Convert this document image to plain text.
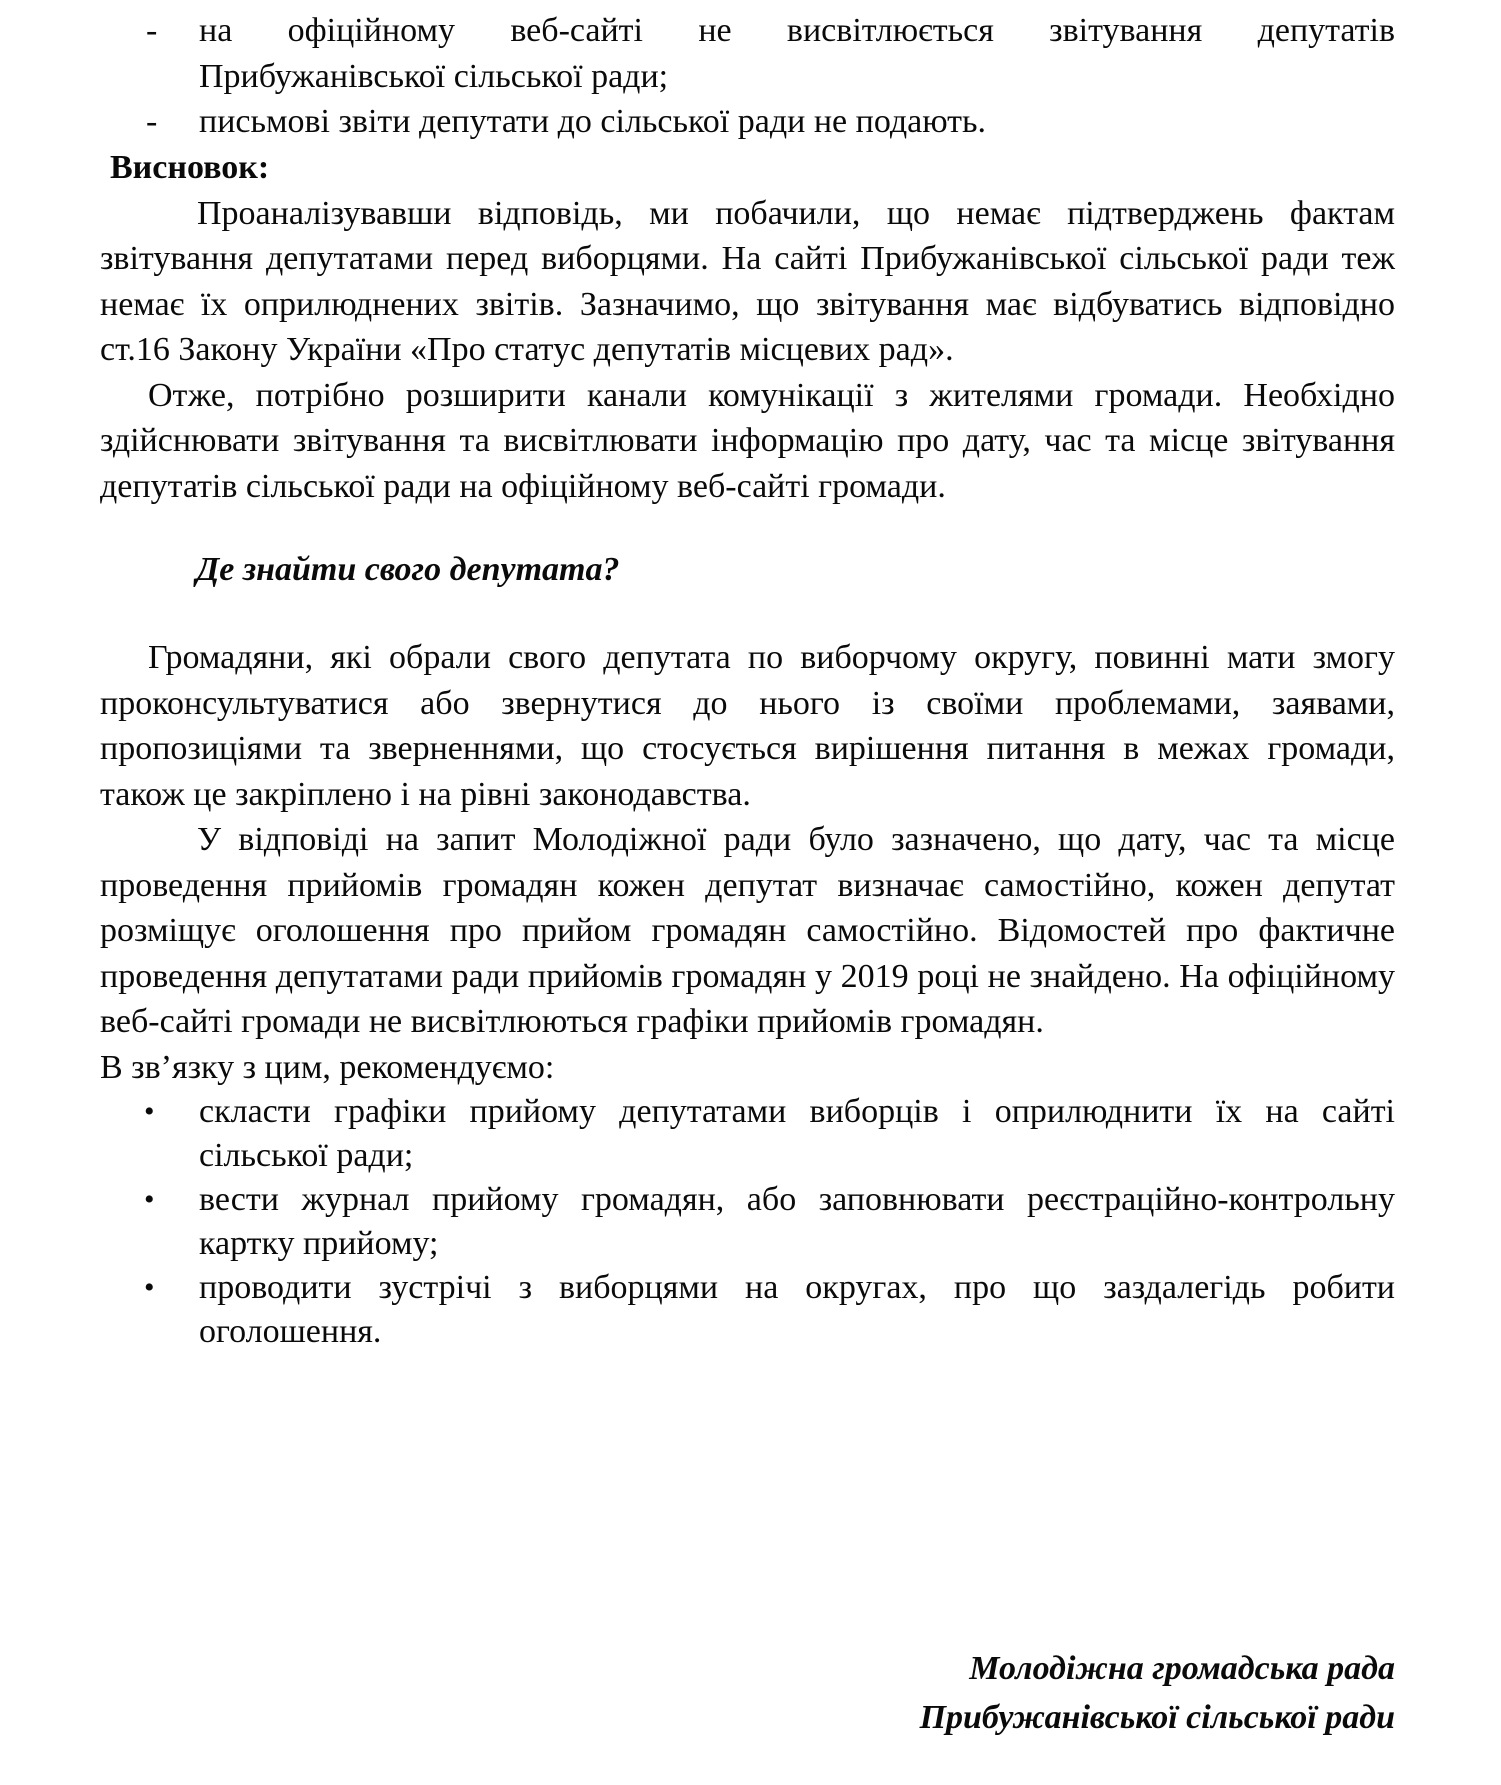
- на офіційному веб-сайті не висвітлюється звітування депутатів
Прибужанівської сільської ради;
- письмові звіти депутати до сільської ради не подають.
Висновок:

Проаналізувавши відповідь, ми побачили, що немає підтверджень фактам звітування депутатами перед виборцями. На сайті Прибужанівської сільської ради теж немає їх оприлюднених звітів. Зазначимо, що звітування має відбуватись відповідно ст.16 Закону України «Про статус депутатів місцевих рад».

Отже, потрібно розширити канали комунікації з жителями громади. Необхідно здійснювати звітування та висвітлювати інформацію про дату, час та місце звітування депутатів сільської ради на офіційному веб-сайті громади.

Де знайти свого депутата?

Громадяни, які обрали свого депутата по виборчому округу, повинні мати змогу проконсультуватися або звернутися до нього із своїми проблемами, заявами, пропозиціями та зверненнями, що стосується вирішення питання в межах громади, також це закріплено і на рівні законодавства.

У відповіді на запит Молодіжної ради було зазначено, що дату, час та місце проведення прийомів громадян кожен депутат визначає самостійно, кожен депутат розміщує оголошення про прийом громадян самостійно. Відомостей про фактичне проведення депутатами ради прийомів громадян у 2019 році не знайдено. На офіційному веб-сайті громади не висвітлюються графіки прийомів громадян.

В зв’язку з цим, рекомендуємо:
• скласти графіки прийому депутатами виборців і оприлюднити їх на сайті сільської ради;
• вести журнал прийому громадян, або заповнювати реєстраційно-контрольну картку прийому;
• проводити зустрічі з виборцями на округах, про що заздалегідь робити оголошення.
Молодіжна громадська рада
Прибужанівської сільської ради
